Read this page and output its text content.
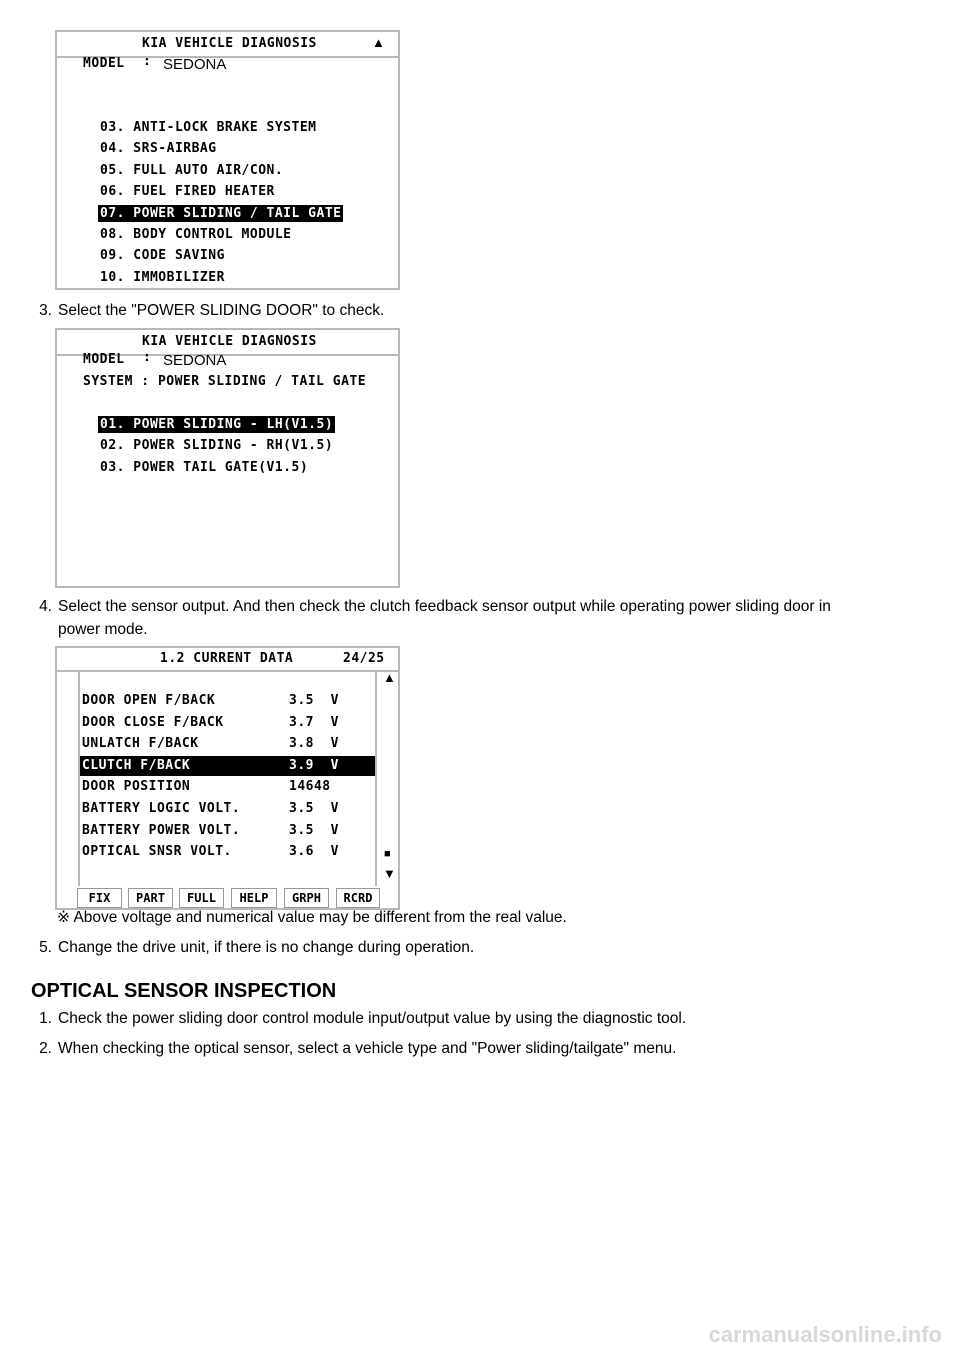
KIA VEHICLE DIAGNOSIS	▲
MODEL : SEDONA
03. ANTI-LOCK BRAKE SYSTEM
04. SRS-AIRBAG
05. FULL AUTO AIR/CON.
06. FUEL FIRED HEATER
07. POWER SLIDING / TAIL GATE
08. BODY CONTROL MODULE
09. CODE SAVING
10. IMMOBILIZER
3. Select the "POWER SLIDING DOOR" to check.
KIA VEHICLE DIAGNOSIS
MODEL : SEDONA
SYSTEM : POWER SLIDING / TAIL GATE
01. POWER SLIDING - LH(V1.5)
02. POWER SLIDING - RH(V1.5)
03. POWER TAIL GATE(V1.5)
4. Select the sensor output. And then check the clutch feedback sensor output while operating power sliding door in
power mode.
1.2 CURRENT DATA	24/25
▲
■
▼
DOOR OPEN F/BACK	3.5  V
DOOR CLOSE F/BACK	3.7  V
UNLATCH F/BACK	3.8  V
CLUTCH F/BACK	3.9  V
DOOR POSITION	14648
BATTERY LOGIC VOLT.	3.5  V
BATTERY POWER VOLT.	3.5  V
OPTICAL SNSR VOLT.	3.6  V
FIX	PART	FULL	HELP	GRPH	RCRD
※ Above voltage and numerical value may be different from the real value.
5. Change the drive unit, if there is no change during operation.
OPTICAL SENSOR INSPECTION
1. Check the power sliding door control module input/output value by using the diagnostic tool.
2. When checking the optical sensor, select a vehicle type and "Power sliding/tailgate" menu.
carmanualsonline.info
